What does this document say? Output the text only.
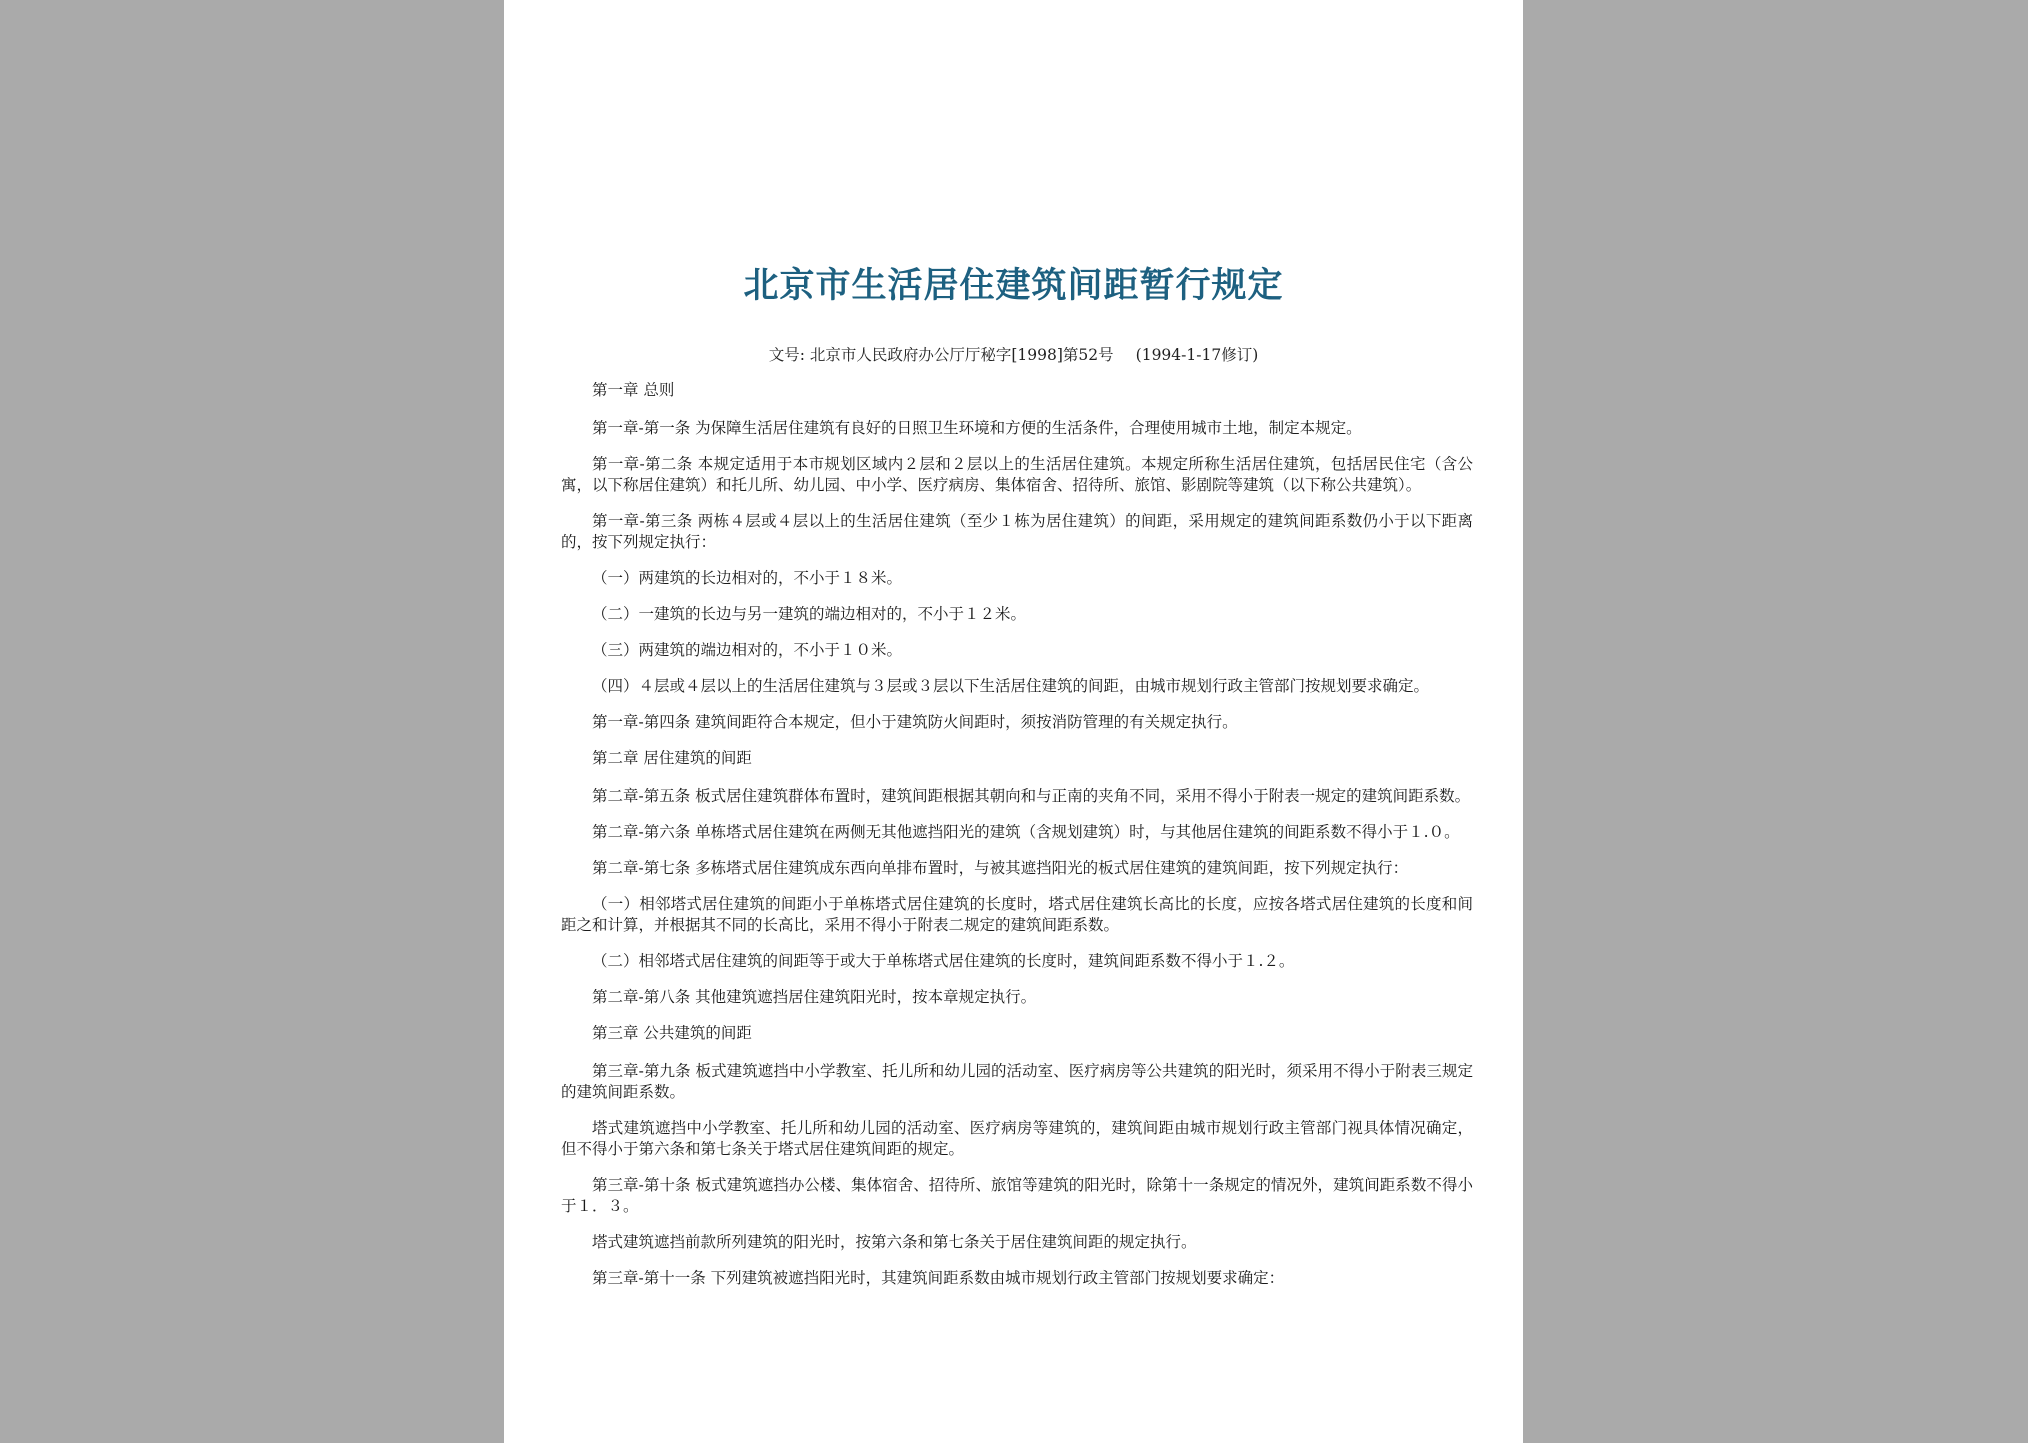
北京市生活居住建筑间距暂行规定
文号: 北京市人民政府办公厅厅秘字[1998]第52号 (1994-1-17修订)

第一章 总则

第一章-第一条 为保障生活居住建筑有良好的日照卫生环境和方便的生活条件，合理使用城市土地，制定本规定。

第一章-第二条 本规定适用于本市规划区域内２层和２层以上的生活居住建筑。本规定所称生活居住建筑，包括居民住宅（含公寓，以下称居住建筑）和托儿所、幼儿园、中小学、医疗病房、集体宿舍、招待所、旅馆、影剧院等建筑（以下称公共建筑）。

第一章-第三条 两栋４层或４层以上的生活居住建筑（至少１栋为居住建筑）的间距，采用规定的建筑间距系数仍小于以下距离的，按下列规定执行：

（一）两建筑的长边相对的，不小于１８米。

（二）一建筑的长边与另一建筑的端边相对的，不小于１２米。

（三）两建筑的端边相对的，不小于１０米。

（四）４层或４层以上的生活居住建筑与３层或３层以下生活居住建筑的间距，由城市规划行政主管部门按规划要求确定。

第一章-第四条 建筑间距符合本规定，但小于建筑防火间距时，须按消防管理的有关规定执行。

第二章 居住建筑的间距

第二章-第五条 板式居住建筑群体布置时，建筑间距根据其朝向和与正南的夹角不同，采用不得小于附表一规定的建筑间距系数。

第二章-第六条 单栋塔式居住建筑在两侧无其他遮挡阳光的建筑（含规划建筑）时，与其他居住建筑的间距系数不得小于１.０。

第二章-第七条 多栋塔式居住建筑成东西向单排布置时，与被其遮挡阳光的板式居住建筑的建筑间距，按下列规定执行：

（一）相邻塔式居住建筑的间距小于单栋塔式居住建筑的长度时，塔式居住建筑长高比的长度，应按各塔式居住建筑的长度和间距之和计算，并根据其不同的长高比，采用不得小于附表二规定的建筑间距系数。

（二）相邻塔式居住建筑的间距等于或大于单栋塔式居住建筑的长度时，建筑间距系数不得小于１.２。

第二章-第八条 其他建筑遮挡居住建筑阳光时，按本章规定执行。

第三章 公共建筑的间距

第三章-第九条 板式建筑遮挡中小学教室、托儿所和幼儿园的活动室、医疗病房等公共建筑的阳光时，须采用不得小于附表三规定的建筑间距系数。

塔式建筑遮挡中小学教室、托儿所和幼儿园的活动室、医疗病房等建筑的，建筑间距由城市规划行政主管部门视具体情况确定，但不得小于第六条和第七条关于塔式居住建筑间距的规定。

第三章-第十条 板式建筑遮挡办公楼、集体宿舍、招待所、旅馆等建筑的阳光时，除第十一条规定的情况外，建筑间距系数不得小于１．３。

塔式建筑遮挡前款所列建筑的阳光时，按第六条和第七条关于居住建筑间距的规定执行。

第三章-第十一条 下列建筑被遮挡阳光时，其建筑间距系数由城市规划行政主管部门按规划要求确定：
